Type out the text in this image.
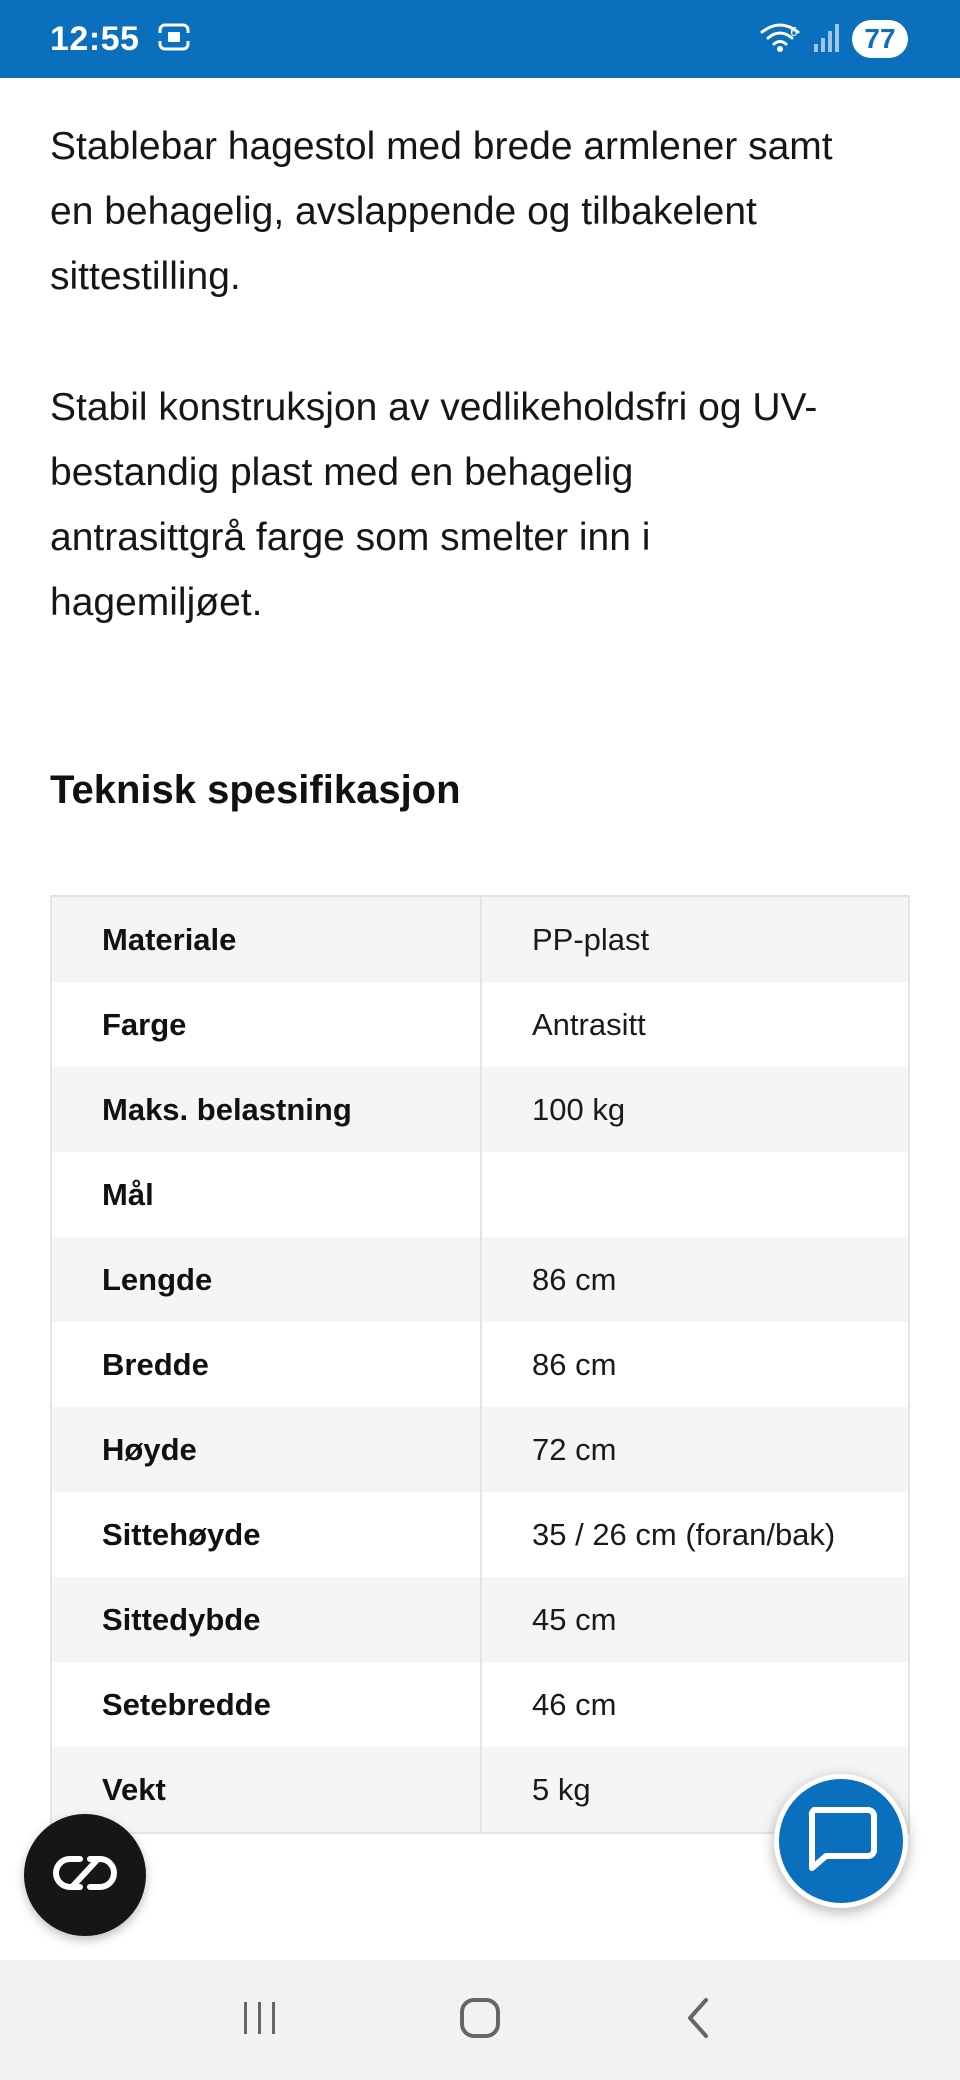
12:55	6	77
Stablebar hagestol med brede armlener samt
en behagelig, avslappende og tilbakelent
sittestilling.
Stabil konstruksjon av vedlikeholdsfri og UV-
bestandig plast med en behagelig
antrasittgrå farge som smelter inn i
hagemiljøet.
Teknisk spesifikasjon
Materiale	PP-plast
Farge	Antrasitt
Maks. belastning	100 kg
Mål
Lengde	86 cm
Bredde	86 cm
Høyde	72 cm
Sittehøyde	35 / 26 cm (foran/bak)
Sittedybde	45 cm
Setebredde	46 cm
Vekt	5 kg
